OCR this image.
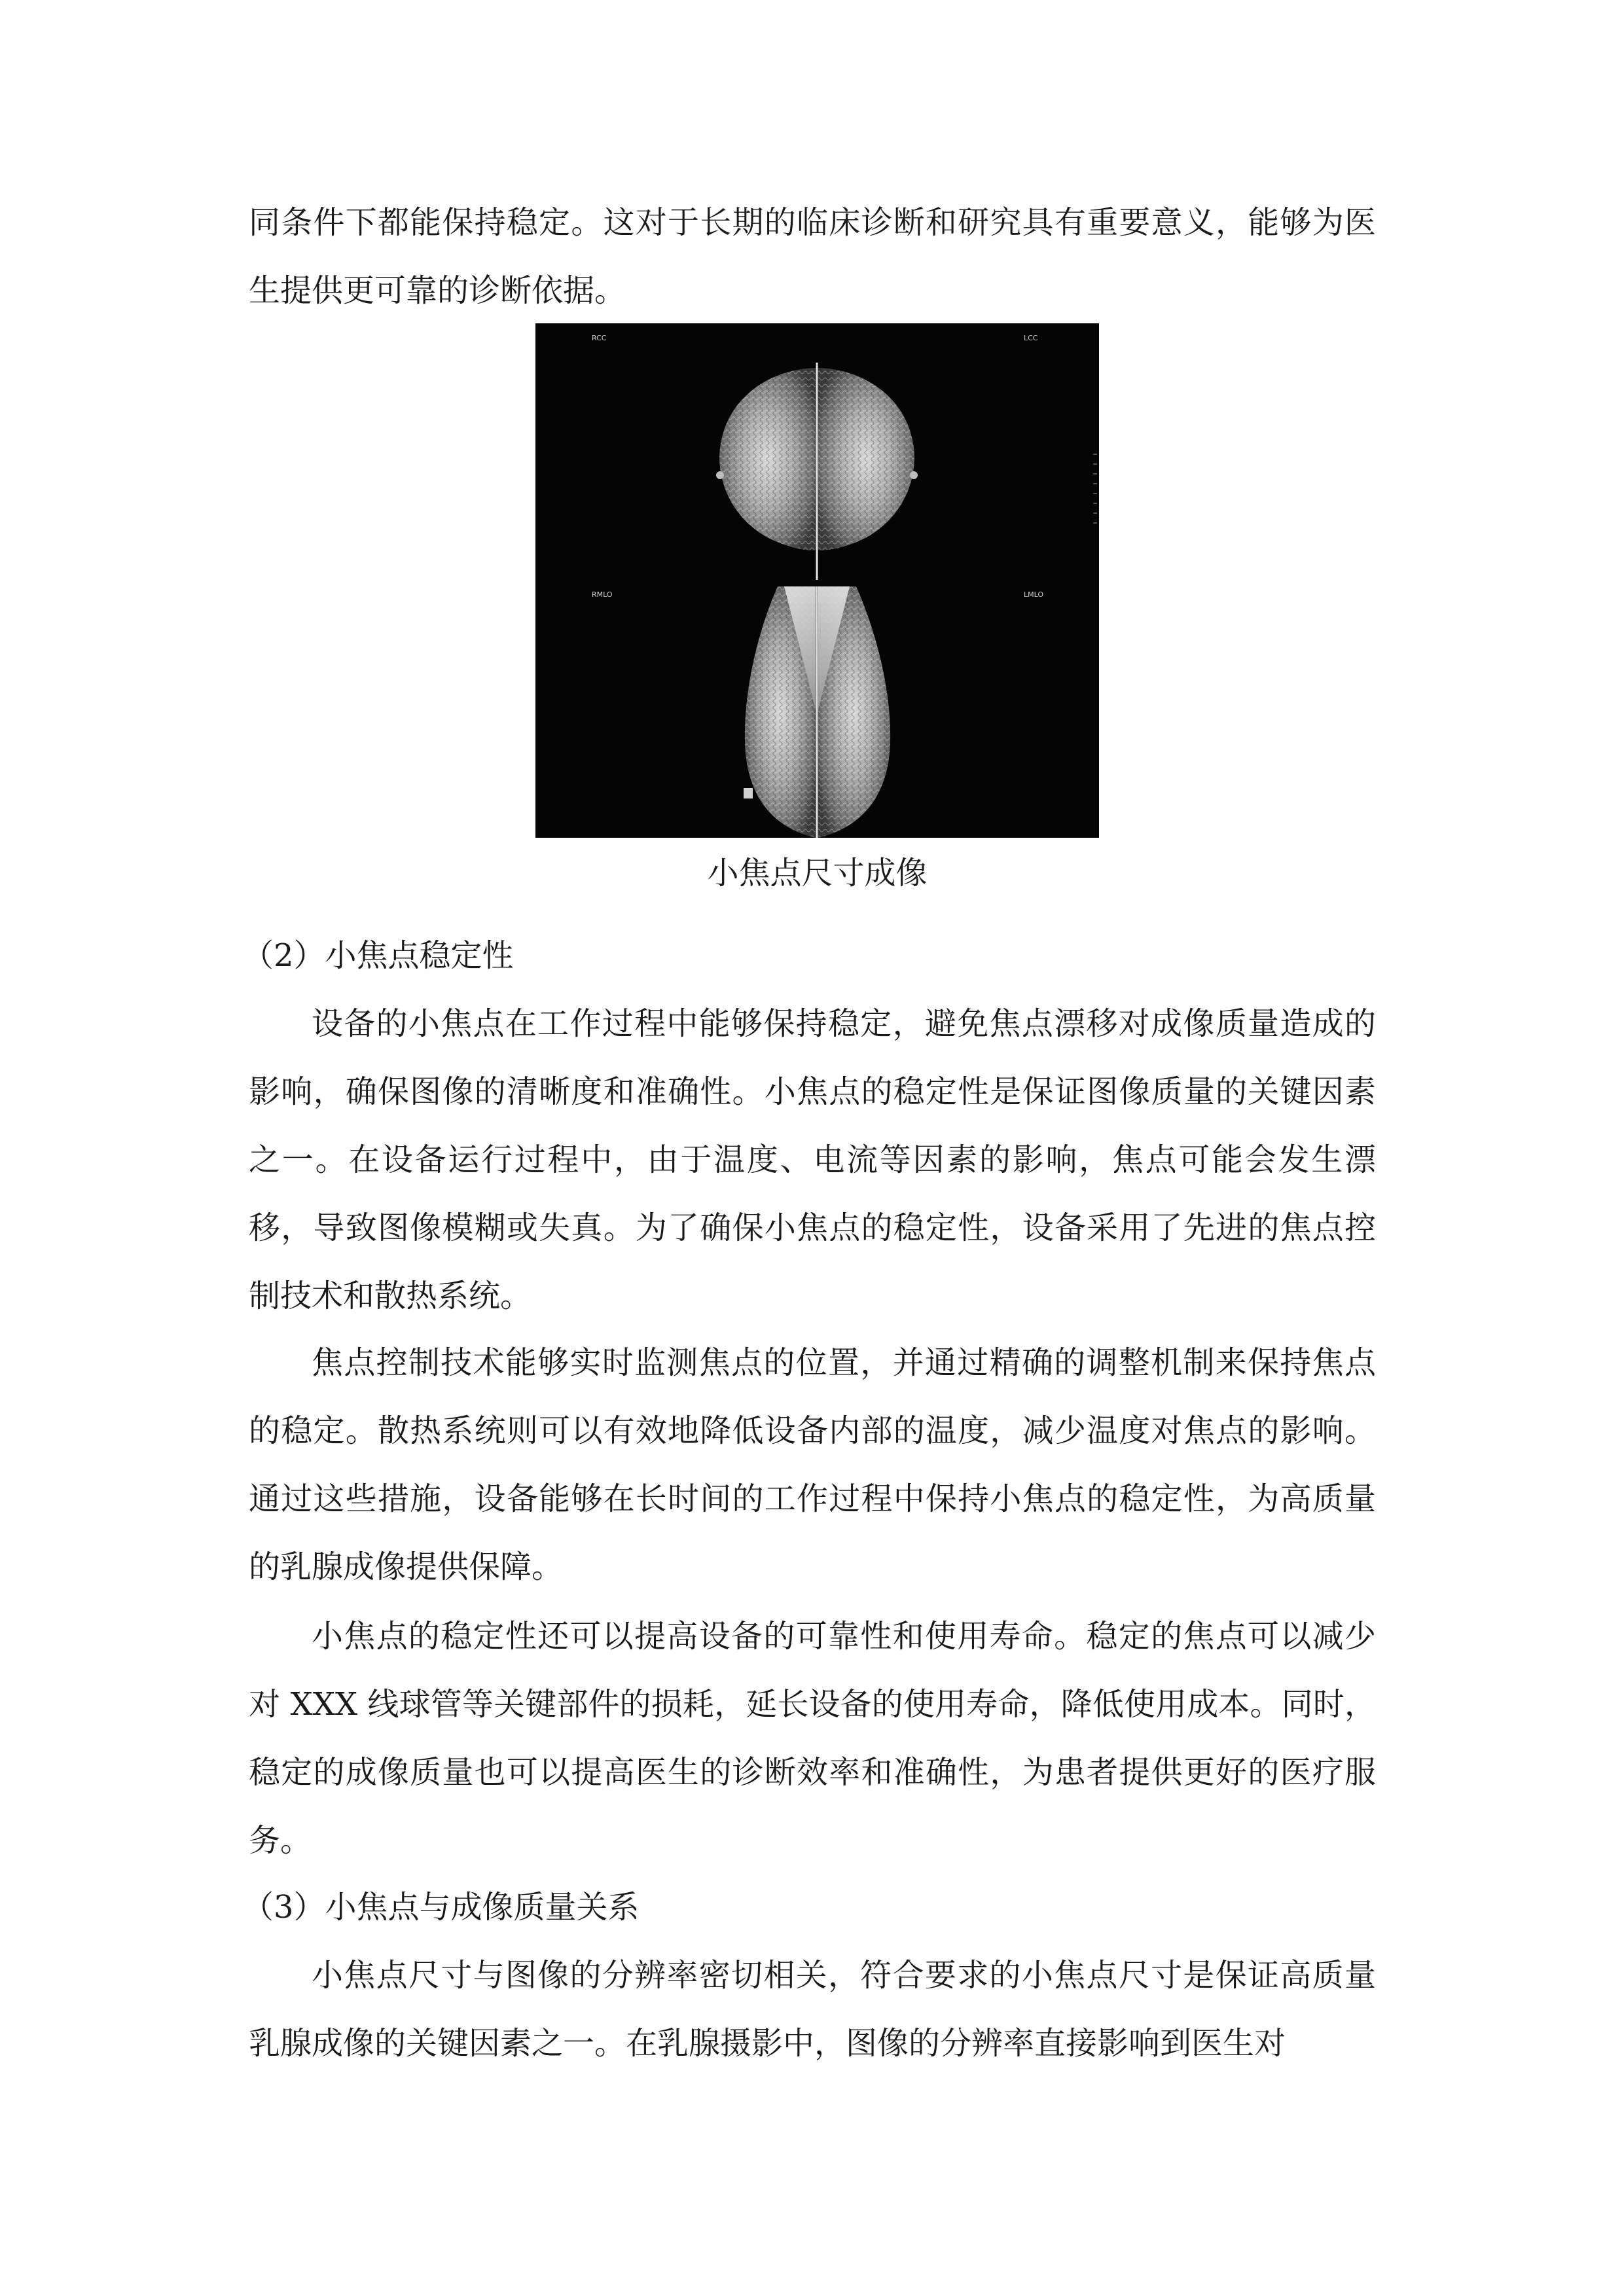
同条件下都能保持稳定。这对于长期的临床诊断和研究具有重要意义，能够为医生提供更可靠的诊断依据。

RCC	LCC
RMLO	LMLO

小焦点尺寸成像

（2）小焦点稳定性

设备的小焦点在工作过程中能够保持稳定，避免焦点漂移对成像质量造成的影响，确保图像的清晰度和准确性。小焦点的稳定性是保证图像质量的关键因素之一。在设备运行过程中，由于温度、电流等因素的影响，焦点可能会发生漂移，导致图像模糊或失真。为了确保小焦点的稳定性，设备采用了先进的焦点控制技术和散热系统。

焦点控制技术能够实时监测焦点的位置，并通过精确的调整机制来保持焦点的稳定。散热系统则可以有效地降低设备内部的温度，减少温度对焦点的影响。通过这些措施，设备能够在长时间的工作过程中保持小焦点的稳定性，为高质量的乳腺成像提供保障。

小焦点的稳定性还可以提高设备的可靠性和使用寿命。稳定的焦点可以减少对 XXX 线球管等关键部件的损耗，延长设备的使用寿命，降低使用成本。同时，稳定的成像质量也可以提高医生的诊断效率和准确性，为患者提供更好的医疗服务。

（3）小焦点与成像质量关系

小焦点尺寸与图像的分辨率密切相关，符合要求的小焦点尺寸是保证高质量乳腺成像的关键因素之一。在乳腺摄影中，图像的分辨率直接影响到医生对
